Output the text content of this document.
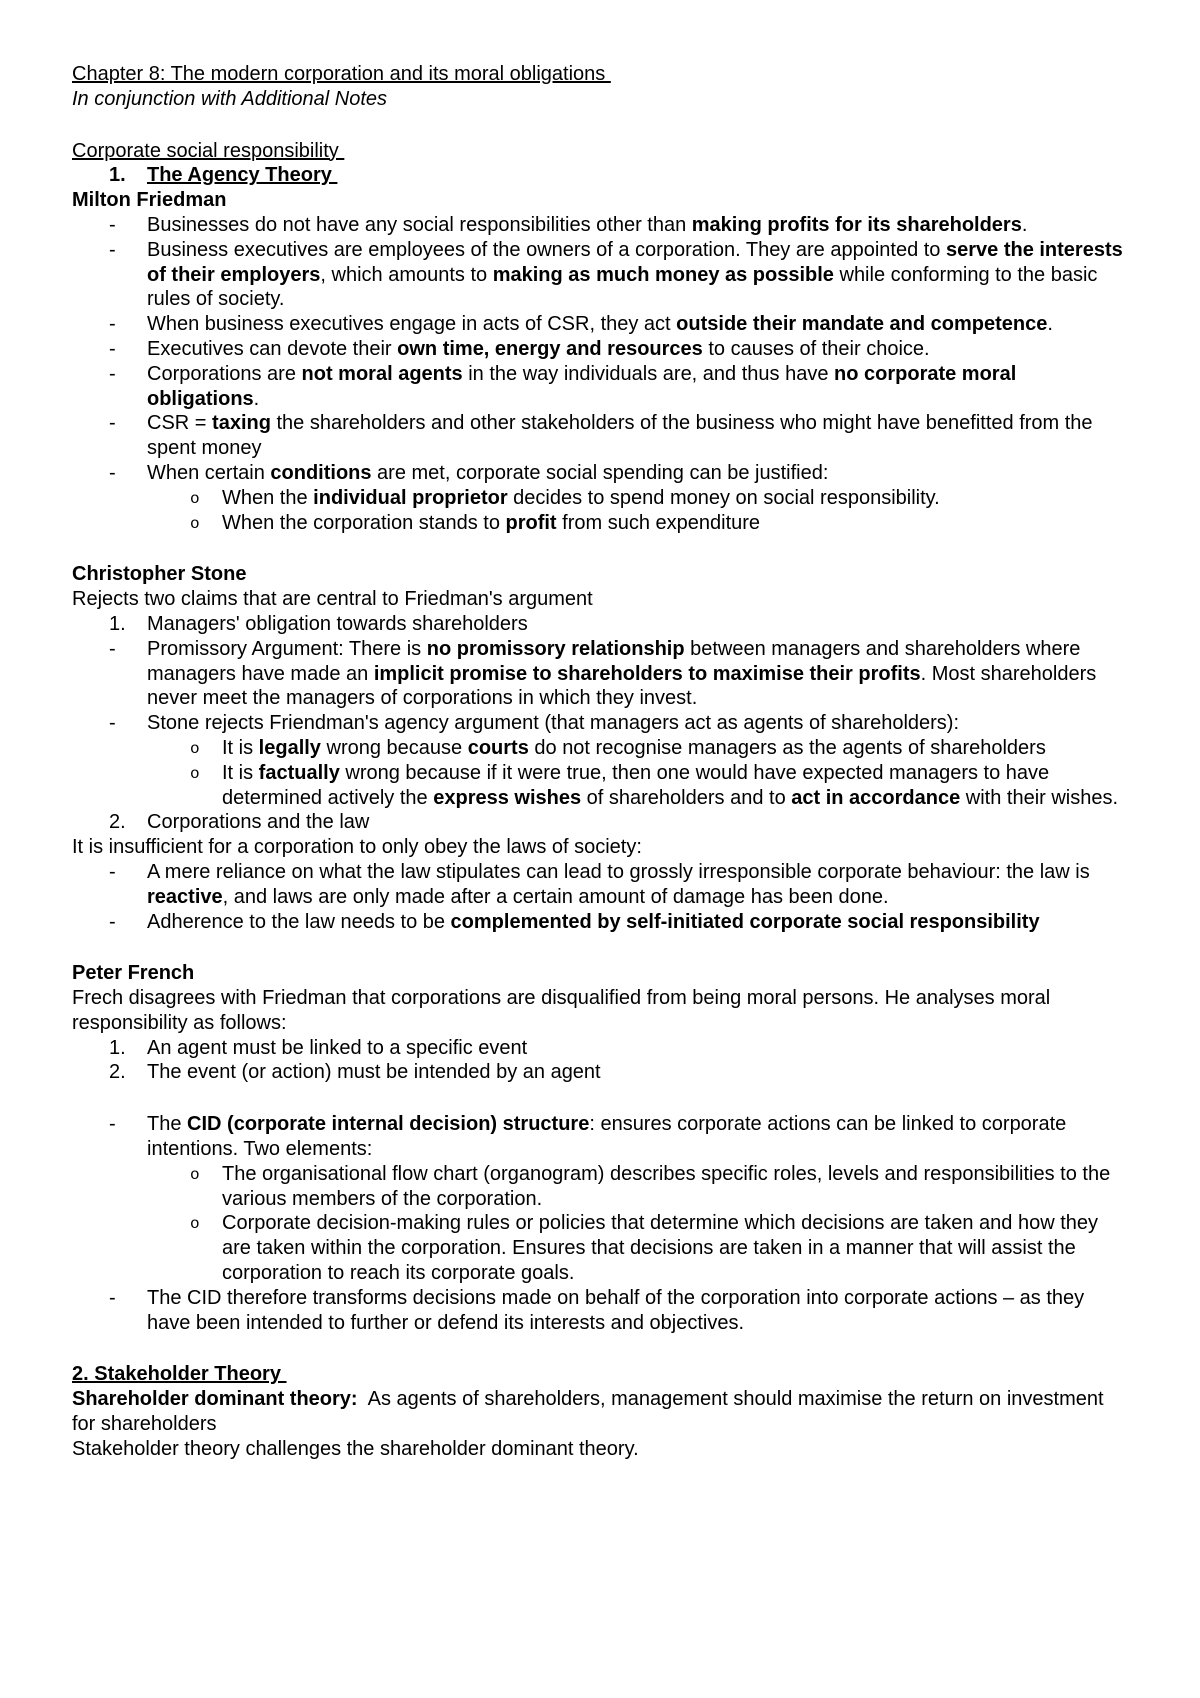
Chapter 8: The modern corporation and its moral obligations
In conjunction with Additional Notes
Corporate social responsibility
1. The Agency Theory
Milton Friedman
- Businesses do not have any social responsibilities other than making profits for its shareholders.
- Business executives are employees of the owners of a corporation. They are appointed to serve the interests of their employers, which amounts to making as much money as possible while conforming to the basic rules of society.
- When business executives engage in acts of CSR, they act outside their mandate and competence.
- Executives can devote their own time, energy and resources to causes of their choice.
- Corporations are not moral agents in the way individuals are, and thus have no corporate moral obligations.
- CSR = taxing the shareholders and other stakeholders of the business who might have benefitted from the spent money
- When certain conditions are met, corporate social spending can be justified:
o When the individual proprietor decides to spend money on social responsibility.
o When the corporation stands to profit from such expenditure
Christopher Stone
Rejects two claims that are central to Friedman's argument
1. Managers' obligation towards shareholders
- Promissory Argument: There is no promissory relationship between managers and shareholders where managers have made an implicit promise to shareholders to maximise their profits. Most shareholders never meet the managers of corporations in which they invest.
- Stone rejects Friendman's agency argument (that managers act as agents of shareholders):
o It is legally wrong because courts do not recognise managers as the agents of shareholders
o It is factually wrong because if it were true, then one would have expected managers to have determined actively the express wishes of shareholders and to act in accordance with their wishes.
2. Corporations and the law
It is insufficient for a corporation to only obey the laws of society:
- A mere reliance on what the law stipulates can lead to grossly irresponsible corporate behaviour: the law is reactive, and laws are only made after a certain amount of damage has been done.
- Adherence to the law needs to be complemented by self-initiated corporate social responsibility
Peter French
Frech disagrees with Friedman that corporations are disqualified from being moral persons. He analyses moral responsibility as follows:
1. An agent must be linked to a specific event
2. The event (or action) must be intended by an agent
- The CID (corporate internal decision) structure: ensures corporate actions can be linked to corporate intentions. Two elements:
o The organisational flow chart (organogram) describes specific roles, levels and responsibilities to the various members of the corporation.
o Corporate decision-making rules or policies that determine which decisions are taken and how they are taken within the corporation. Ensures that decisions are taken in a manner that will assist the corporation to reach its corporate goals.
- The CID therefore transforms decisions made on behalf of the corporation into corporate actions – as they have been intended to further or defend its interests and objectives.
2. Stakeholder Theory
Shareholder dominant theory:  As agents of shareholders, management should maximise the return on investment for shareholders
Stakeholder theory challenges the shareholder dominant theory.
